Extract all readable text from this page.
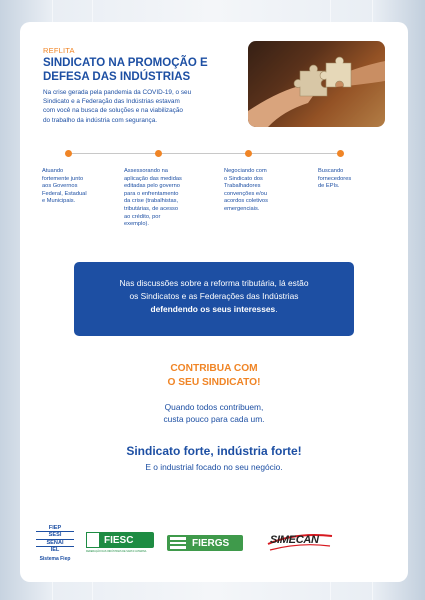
REFLITA
SINDICATO NA PROMOÇÃO E
DEFESA DAS INDÚSTRIAS
Na crise gerada pela pandemia da COVID-19, o seu
Sindicato e a Federação das Indústrias estavam
com você na busca de soluções e na viabilização
do trabalho da indústria com segurança.
Atuando
fortemente junto
aos Governos
Federal, Estadual
e Municipais.
Assessorando na
aplicação das medidas
editadas pelo governo
para o enfrentamento
da crise (trabalhistas,
tributárias, de acesso
ao crédito, por
exemplo).
Negociando com
o Sindicato dos
Trabalhadores
convenções e/ou
acordos coletivos
emergenciais.
Buscando
fornecedores
de EPIs.
Nas discussões sobre a reforma tributária, lá estão
os Sindicatos e as Federações das Indústrias
defendendo os seus interesses.
CONTRIBUA COM
O SEU SINDICATO!
Quando todos contribuem,
custa pouco para cada um.
Sindicato forte, indústria forte!
E o industrial focado no seu negócio.
FIEP
SESI
SENAI
IEL
Sistema Fiep
FIESC
FEDERAÇÃO DAS INDÚSTRIAS DE SANTA CATARINA
FIERGS	SIMECAN
